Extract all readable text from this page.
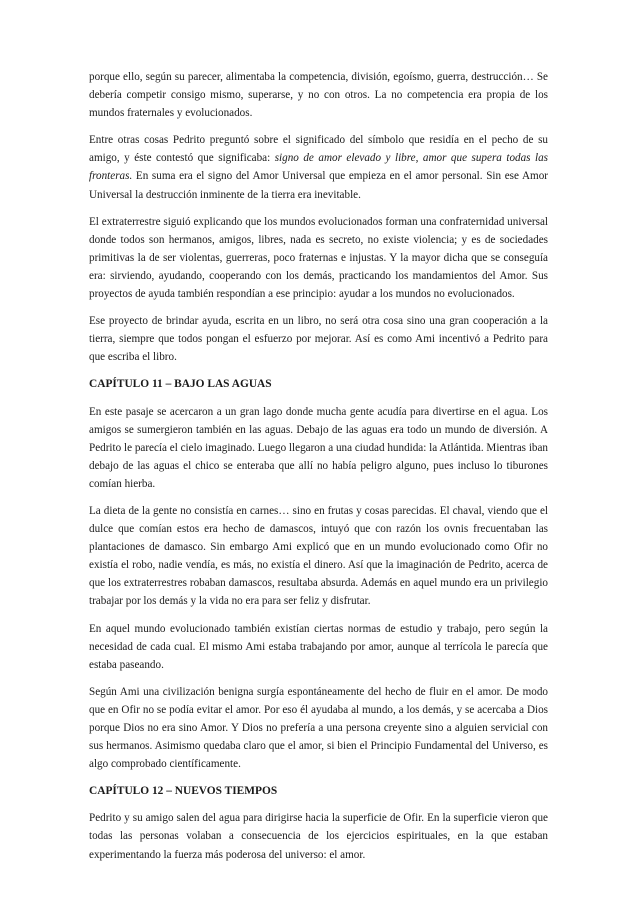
porque ello, según su parecer, alimentaba la competencia, división, egoísmo, guerra, destrucción… Se debería competir consigo mismo, superarse, y no con otros. La no competencia era propia de los mundos fraternales y evolucionados.

Entre otras cosas Pedrito preguntó sobre el significado del símbolo que residía en el pecho de su amigo, y éste contestó que significaba: signo de amor elevado y libre, amor que supera todas las fronteras. En suma era el signo del Amor Universal que empieza en el amor personal. Sin ese Amor Universal la destrucción inminente de la tierra era inevitable.

El extraterrestre siguió explicando que los mundos evolucionados forman una confraternidad universal donde todos son hermanos, amigos, libres, nada es secreto, no existe violencia; y es de sociedades primitivas la de ser violentas, guerreras, poco fraternas e injustas. Y la mayor dicha que se conseguía era: sirviendo, ayudando, cooperando con los demás, practicando los mandamientos del Amor. Sus proyectos de ayuda también respondían a ese principio: ayudar a los mundos no evolucionados.

Ese proyecto de brindar ayuda, escrita en un libro, no será otra cosa sino una gran cooperación a la tierra, siempre que todos pongan el esfuerzo por mejorar. Así es como Ami incentivó a Pedrito para que escriba el libro.

CAPÍTULO 11 – BAJO LAS AGUAS

En este pasaje se acercaron a un gran lago donde mucha gente acudía para divertirse en el agua. Los amigos se sumergieron también en las aguas. Debajo de las aguas era todo un mundo de diversión. A Pedrito le parecía el cielo imaginado. Luego llegaron a una ciudad hundida: la Atlántida. Mientras iban debajo de las aguas el chico se enteraba que allí no había peligro alguno, pues incluso lo tiburones comían hierba.

La dieta de la gente no consistía en carnes… sino en frutas y cosas parecidas. El chaval, viendo que el dulce que comían estos era hecho de damascos, intuyó que con razón los ovnis frecuentaban las plantaciones de damasco. Sin embargo Ami explicó que en un mundo evolucionado como Ofir no existía el robo, nadie vendía, es más, no existía el dinero. Así que la imaginación de Pedrito, acerca de que los extraterrestres robaban damascos, resultaba absurda. Además en aquel mundo era un privilegio trabajar por los demás y la vida no era para ser feliz y disfrutar.

En aquel mundo evolucionado también existían ciertas normas de estudio y trabajo, pero según la necesidad de cada cual. El mismo Ami estaba trabajando por amor, aunque al terrícola le parecía que estaba paseando.

Según Ami una civilización benigna surgía espontáneamente del hecho de fluir en el amor. De modo que en Ofir no se podía evitar el amor. Por eso él ayudaba al mundo, a los demás, y se acercaba a Dios porque Dios no era sino Amor. Y Dios no prefería a una persona creyente sino a alguien servicial con sus hermanos. Asimismo quedaba claro que el amor, si bien el Principio Fundamental del Universo, es algo comprobado científicamente.

CAPÍTULO 12 – NUEVOS TIEMPOS

Pedrito y su amigo salen del agua para dirigirse hacia la superficie de Ofir. En la superficie vieron que todas las personas volaban a consecuencia de los ejercicios espirituales, en la que estaban experimentando la fuerza más poderosa del universo: el amor.
